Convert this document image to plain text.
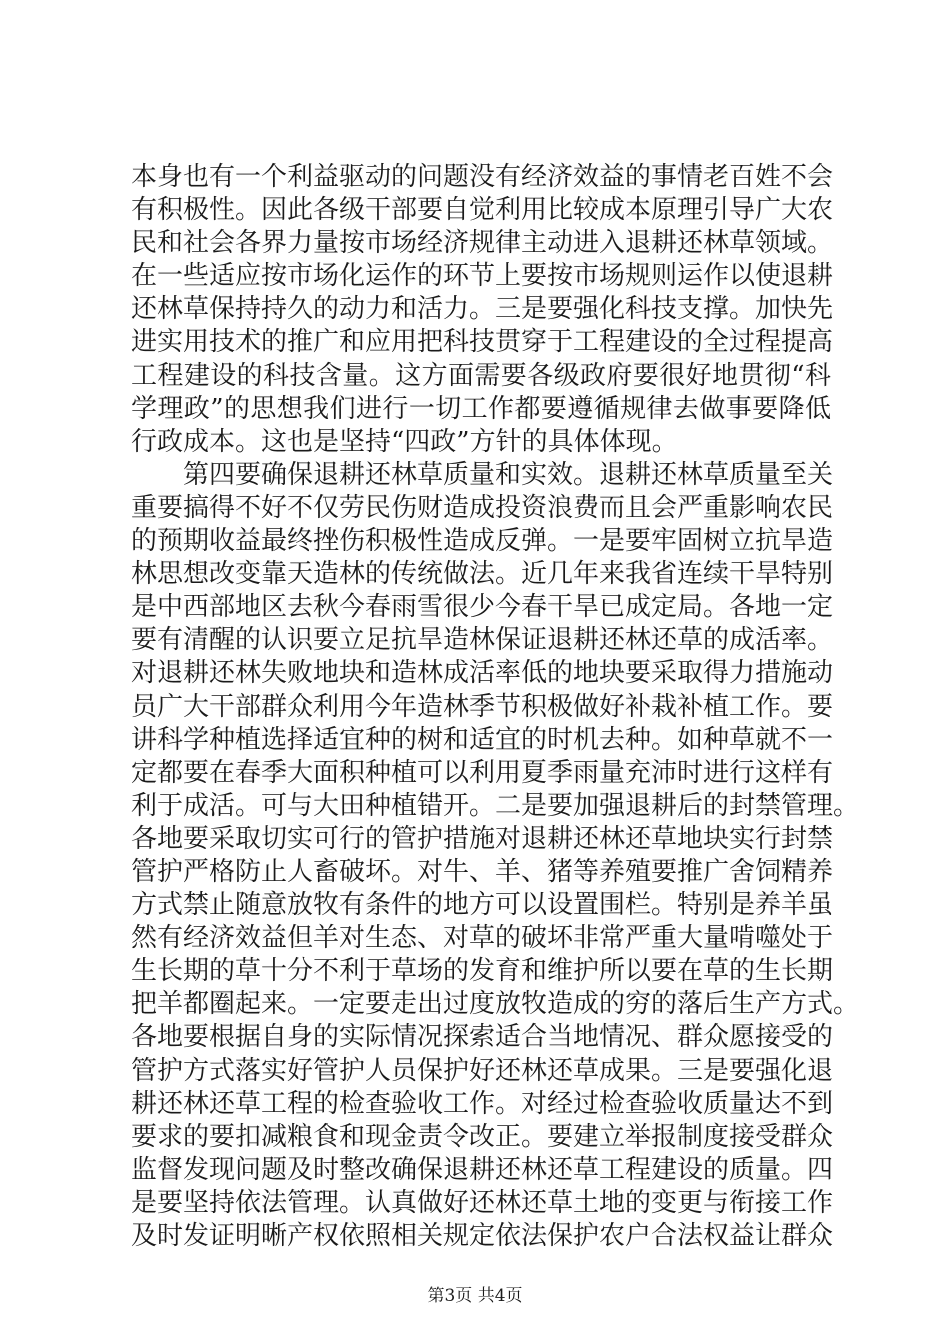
本身也有一个利益驱动的问题没有经济效益的事情老百姓不会
有积极性。因此各级干部要自觉利用比较成本原理引导广大农
民和社会各界力量按市场经济规律主动进入退耕还林草领域。
在一些适应按市场化运作的环节上要按市场规则运作以使退耕
还林草保持持久的动力和活力。三是要强化科技支撑。加快先
进实用技术的推广和应用把科技贯穿于工程建设的全过程提高
工程建设的科技含量。这方面需要各级政府要很好地贯彻“科
学理政”的思想我们进行一切工作都要遵循规律去做事要降低
行政成本。这也是坚持“四政”方针的具体体现。
第四要确保退耕还林草质量和实效。退耕还林草质量至关
重要搞得不好不仅劳民伤财造成投资浪费而且会严重影响农民
的预期收益最终挫伤积极性造成反弹。一是要牢固树立抗旱造
林思想改变靠天造林的传统做法。近几年来我省连续干旱特别
是中西部地区去秋今春雨雪很少今春干旱已成定局。各地一定
要有清醒的认识要立足抗旱造林保证退耕还林还草的成活率。
对退耕还林失败地块和造林成活率低的地块要采取得力措施动
员广大干部群众利用今年造林季节积极做好补栽补植工作。要
讲科学种植选择适宜种的树和适宜的时机去种。如种草就不一
定都要在春季大面积种植可以利用夏季雨量充沛时进行这样有
利于成活。可与大田种植错开。二是要加强退耕后的封禁管理。
各地要采取切实可行的管护措施对退耕还林还草地块实行封禁
管护严格防止人畜破坏。对牛、羊、猪等养殖要推广舍饲精养
方式禁止随意放牧有条件的地方可以设置围栏。特别是养羊虽
然有经济效益但羊对生态、对草的破坏非常严重大量啃噬处于
生长期的草十分不利于草场的发育和维护所以要在草的生长期
把羊都圈起来。一定要走出过度放牧造成的穷的落后生产方式。
各地要根据自身的实际情况探索适合当地情况、群众愿接受的
管护方式落实好管护人员保护好还林还草成果。三是要强化退
耕还林还草工程的检查验收工作。对经过检查验收质量达不到
要求的要扣减粮食和现金责令改正。要建立举报制度接受群众
监督发现问题及时整改确保退耕还林还草工程建设的质量。四
是要坚持依法管理。认真做好还林还草土地的变更与衔接工作
及时发证明晰产权依照相关规定依法保护农户合法权益让群众
第3页 共4页
